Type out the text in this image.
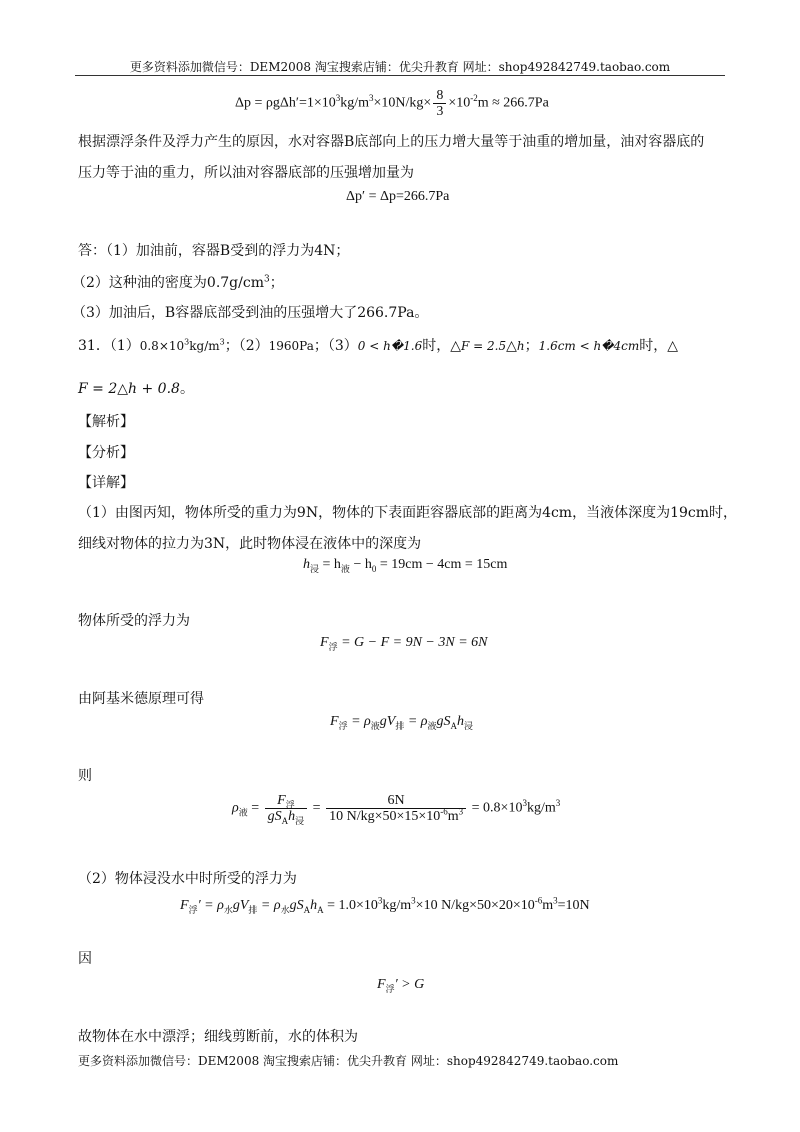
更多资料添加微信号：DEM2008 淘宝搜索店铺：优尖升教育 网址：shop492842749.taobao.com
$\Delta p = \rho g\Delta h'=1\times 10^3kg/m^3\times 10N/kg\times \frac{8}{3} \times 10^{-2}m \approx 266.7Pa$
根据漂浮条件及浮力产生的原因，水对容器B底部向上的压力增大量等于油重的增加量，油对容器底的
压力等于油的重力，所以油对容器底部的压强增加量为
Δp′ = Δp=266.7Pa
答：（1）加油前，容器B受到的浮力为4N；
（2）这种油的密度为$0.7g/cm^3$；
（3）加油后，B容器底部受到油的压强增大了266.7Pa。
31．$(1)0.8\times 10^3kg/m^3$；（2）1960Pa；（3）0 < h�1.6时，△F = 2.5△h；1.6cm < h�4cm时，△
F = 2△h + 0.8。
【解析】
【分析】
【详解】
（1）由图丙知，物体所受的重力为9N，物体的下表面距容器底部的距离为4cm，当液体深度为19cm时，
细线对物体的拉力为3N，此时物体浸在液体中的深度为
$h_浸 = h_液 - h_0 = 19cm - 4cm = 15cm$
物体所受的浮力为
$F_浮 = G - F = 9N - 3N = 6N$
由阿基米德原理可得
$F_浮 = \rho_液gV_排 = \rho_液gS_Ah_浸$
则
$\rho_液 = \frac{F_浮}{gS_Ah_浸} = \frac{6N}{10 N/kg\times 50\times 15\times 10^{-6}m^3} = 0.8\times 10^3kg/m^3$
（2）物体浸没水中时所受的浮力为
$F_浮' = \rho_水gV_排 = \rho_水gS_Ah_A = 1.0\times 10^3kg/m^3\times 10$ $N/kg\times 50\times 20\times 10^{-6}m^3=10N$
因
$F_浮' > G$
故物体在水中漂浮；细线剪断前，水的体积为
更多资料添加微信号：DEM2008 淘宝搜索店铺：优尖升教育 网址：shop492842749.taobao.com
